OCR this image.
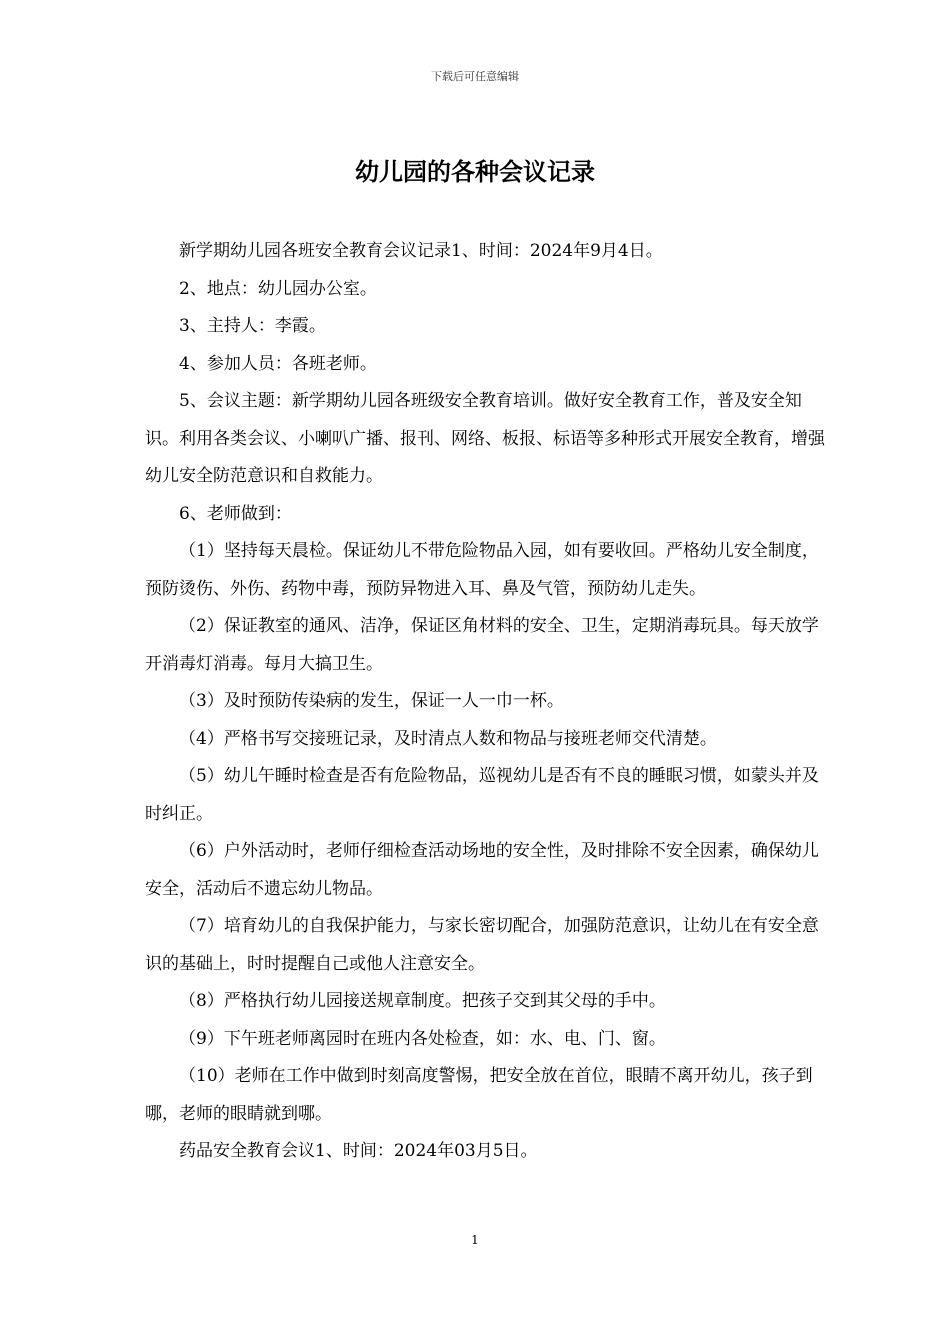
下载后可任意编辑
幼儿园的各种会议记录

新学期幼儿园各班安全教育会议记录1、时间：2024年9月4日。

2、地点：幼儿园办公室。

3、主持人：李霞。

4、参加人员：各班老师。

5、会议主题：新学期幼儿园各班级安全教育培训。做好安全教育工作，普及安全知识。利用各类会议、小喇叭广播、报刊、网络、板报、标语等多种形式开展安全教育，增强幼儿安全防范意识和自救能力。

6、老师做到：

（1）坚持每天晨检。保证幼儿不带危险物品入园，如有要收回。严格幼儿安全制度，预防烫伤、外伤、药物中毒，预防异物进入耳、鼻及气管，预防幼儿走失。

（2）保证教室的通风、洁净，保证区角材料的安全、卫生，定期消毒玩具。每天放学开消毒灯消毒。每月大搞卫生。

（3）及时预防传染病的发生，保证一人一巾一杯。

（4）严格书写交接班记录，及时清点人数和物品与接班老师交代清楚。

（5）幼儿午睡时检查是否有危险物品，巡视幼儿是否有不良的睡眠习惯，如蒙头并及时纠正。

（6）户外活动时，老师仔细检查活动场地的安全性，及时排除不安全因素，确保幼儿安全，活动后不遗忘幼儿物品。

（7）培育幼儿的自我保护能力，与家长密切配合，加强防范意识，让幼儿在有安全意识的基础上，时时提醒自己或他人注意安全。

（8）严格执行幼儿园接送规章制度。把孩子交到其父母的手中。

（9）下午班老师离园时在班内各处检查，如：水、电、门、窗。

（10）老师在工作中做到时刻高度警惕，把安全放在首位，眼睛不离开幼儿，孩子到哪，老师的眼睛就到哪。

药品安全教育会议1、时间：2024年03月5日。

1
